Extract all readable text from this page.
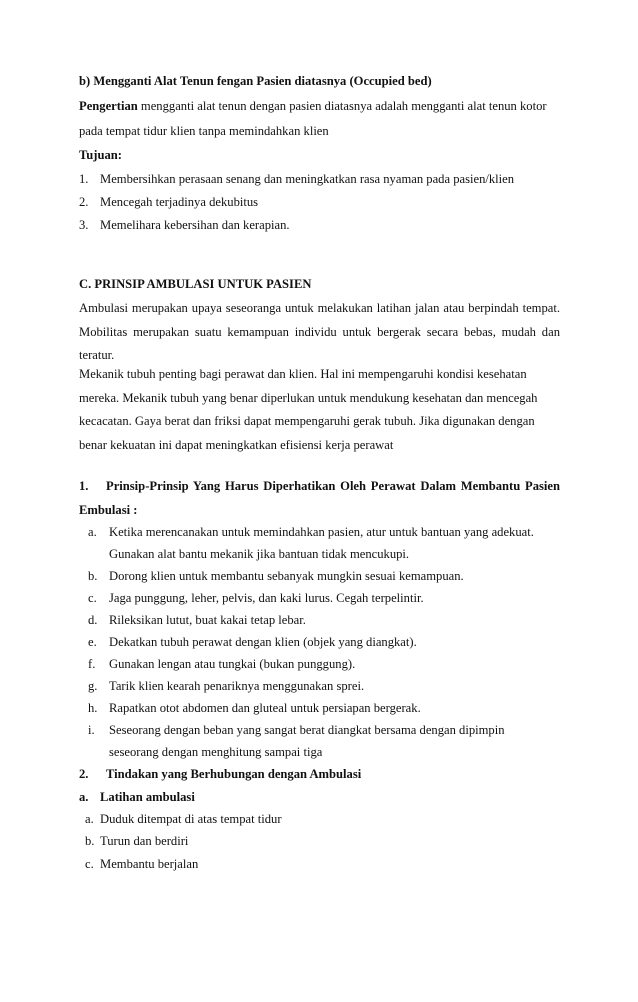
b) Mengganti Alat Tenun fengan Pasien diatasnya (Occupied bed)
Pengertian mengganti alat tenun dengan pasien diatasnya adalah mengganti alat tenun kotor
pada tempat tidur klien tanpa memindahkan klien
Tujuan:
1. Membersihkan perasaan senang dan meningkatkan rasa nyaman pada pasien/klien
2. Mencegah terjadinya dekubitus
3. Memelihara kebersihan dan kerapian.
C. PRINSIP AMBULASI UNTUK PASIEN
Ambulasi merupakan upaya seseoranga untuk melakukan latihan jalan atau berpindah tempat.
Mobilitas merupakan suatu kemampuan individu untuk bergerak secara bebas, mudah dan
teratur.
Mekanik tubuh penting bagi perawat dan klien. Hal ini mempengaruhi kondisi kesehatan
mereka. Mekanik tubuh yang benar diperlukan untuk mendukung kesehatan dan mencegah
kecacatan. Gaya berat dan friksi dapat mempengaruhi gerak tubuh. Jika digunakan dengan
benar kekuatan ini dapat meningkatkan efisiensi kerja perawat
1. Prinsip-Prinsip Yang Harus Diperhatikan Oleh Perawat Dalam Membantu Pasien
Embulasi :
a. Ketika merencanakan untuk memindahkan pasien, atur untuk bantuan yang adekuat.
Gunakan alat bantu mekanik jika bantuan tidak mencukupi.
b. Dorong klien untuk membantu sebanyak mungkin sesuai kemampuan.
c. Jaga punggung, leher, pelvis, dan kaki lurus. Cegah terpelintir.
d. Rileksikan lutut, buat kakai tetap lebar.
e. Dekatkan tubuh perawat dengan klien (objek yang diangkat).
f. Gunakan lengan atau tungkai (bukan punggung).
g. Tarik klien kearah penariknya menggunakan sprei.
h. Rapatkan otot abdomen dan gluteal untuk persiapan bergerak.
i. Seseorang dengan beban yang sangat berat diangkat bersama dengan dipimpin
seseorang dengan menghitung sampai tiga
2. Tindakan yang Berhubungan dengan Ambulasi
a. Latihan ambulasi
a. Duduk ditempat di atas tempat tidur
b. Turun dan berdiri
c. Membantu berjalan
